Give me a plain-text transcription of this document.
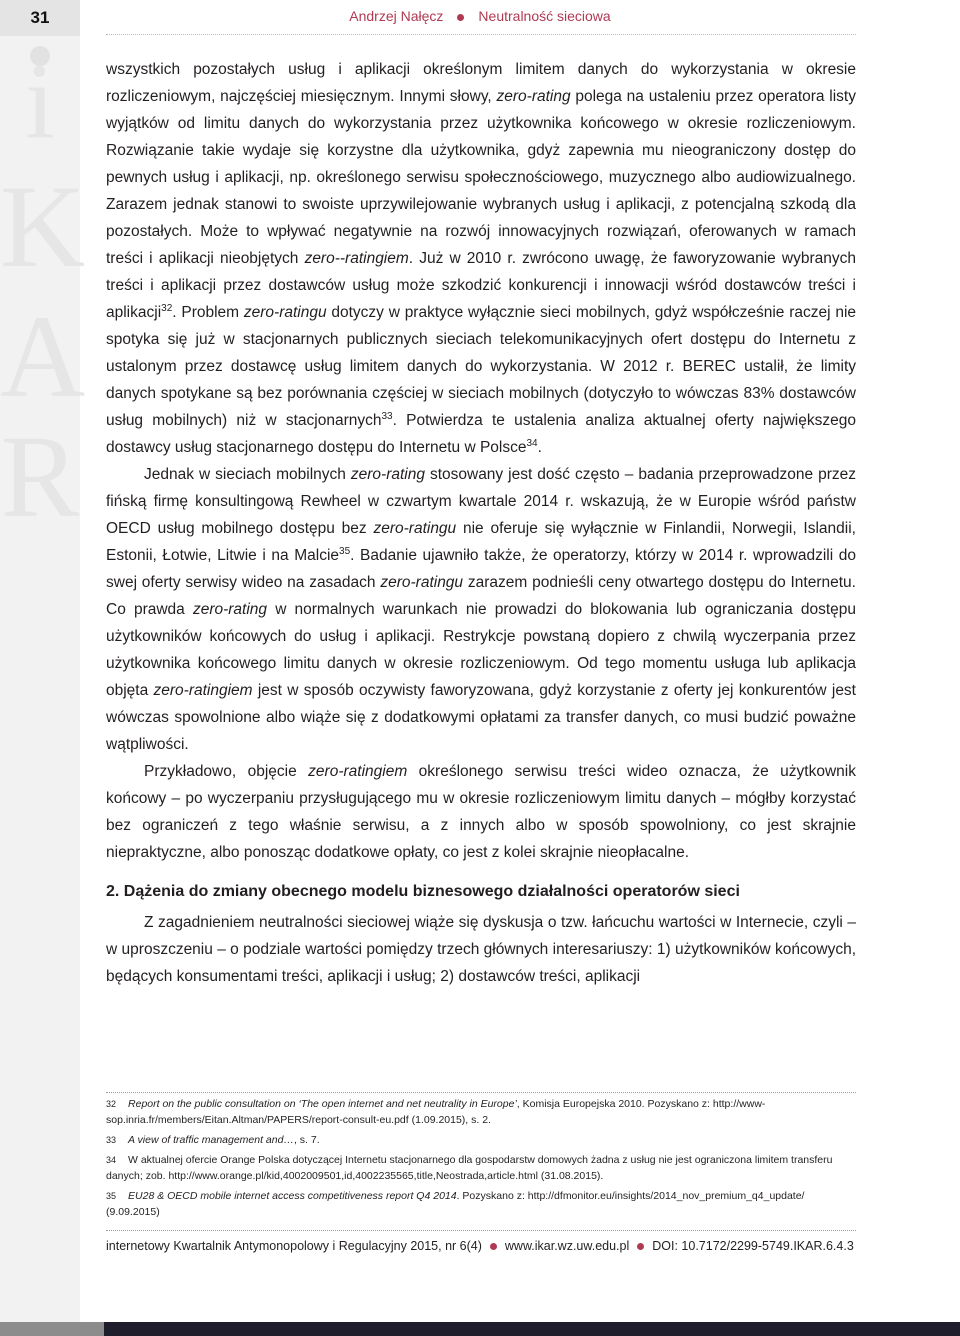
31
i
K
A
R
Andrzej Nałęcz	Neutralność sieciowa

wszystkich pozostałych usług i aplikacji określonym limitem danych do wykorzystania w okresie rozliczeniowym, najczęściej miesięcznym. Innymi słowy, zero-rating polega na ustaleniu przez operatora listy wyjątków od limitu danych do wykorzystania przez użytkownika końcowego w okresie rozliczeniowym. Rozwiązanie takie wydaje się korzystne dla użytkownika, gdyż zapewnia mu nieograniczony dostęp do pewnych usług i aplikacji, np. określonego serwisu społecznościowego, muzycznego albo audiowizualnego. Zarazem jednak stanowi to swoiste uprzywilejowanie wybranych usług i aplikacji, z potencjalną szkodą dla pozostałych. Może to wpływać negatywnie na rozwój innowacyjnych rozwiązań, oferowanych w ramach treści i aplikacji nieobjętych zero--ratingiem. Już w 2010 r. zwrócono uwagę, że faworyzowanie wybranych treści i aplikacji przez dostawców usług może szkodzić konkurencji i innowacji wśród dostawców treści i aplikacji$^{32}$. Problem zero-ratingu dotyczy w praktyce wyłącznie sieci mobilnych, gdyż współcześnie raczej nie spotyka się już w stacjonarnych publicznych sieciach telekomunikacyjnych ofert dostępu do Internetu z ustalonym przez dostawcę usług limitem danych do wykorzystania. W 2012 r. BEREC ustalił, że limity danych spotykane są bez porównania częściej w sieciach mobilnych (dotyczyło to wówczas 83% dostawców usług mobilnych) niż w stacjonarnych$^{33}$. Potwierdza te ustalenia analiza aktualnej oferty największego dostawcy usług stacjonarnego dostępu do Internetu w Polsce$^{34}$.

Jednak w sieciach mobilnych zero-rating stosowany jest dość często – badania przeprowadzone przez fińską firmę konsultingową Rewheel w czwartym kwartale 2014 r. wskazują, że w Europie wśród państw OECD usług mobilnego dostępu bez zero-ratingu nie oferuje się wyłącznie w Finlandii, Norwegii, Islandii, Estonii, Łotwie, Litwie i na Malcie$^{35}$. Badanie ujawniło także, że operatorzy, którzy w 2014 r. wprowadzili do swej oferty serwisy wideo na zasadach zero-ratingu zarazem podnieśli ceny otwartego dostępu do Internetu. Co prawda zero-rating w normalnych warunkach nie prowadzi do blokowania lub ograniczania dostępu użytkowników końcowych do usług i aplikacji. Restrykcje powstaną dopiero z chwilą wyczerpania przez użytkownika końcowego limitu danych w okresie rozliczeniowym. Od tego momentu usługa lub aplikacja objęta zero-ratingiem jest w sposób oczywisty faworyzowana, gdyż korzystanie z oferty jej konkurentów jest wówczas spowolnione albo wiąże się z dodatkowymi opłatami za transfer danych, co musi budzić poważne wątpliwości.

Przykładowo, objęcie zero-ratingiem określonego serwisu treści wideo oznacza, że użytkownik końcowy – po wyczerpaniu przysługującego mu w okresie rozliczeniowym limitu danych – mógłby korzystać bez ograniczeń z tego właśnie serwisu, a z innych albo w sposób spowolniony, co jest skrajnie niepraktyczne, albo ponosząc dodatkowe opłaty, co jest z kolei skrajnie nieopłacalne.

2. Dążenia do zmiany obecnego modelu biznesowego działalności operatorów sieci

Z zagadnieniem neutralności sieciowej wiąże się dyskusja o tzw. łańcuchu wartości w Internecie, czyli – w uproszczeniu – o podziale wartości pomiędzy trzech głównych interesariuszy: 1) użytkowników końcowych, będących konsumentami treści, aplikacji i usług; 2) dostawców treści, aplikacji

32 Report on the public consultation on ‘The open internet and net neutrality in Europe’, Komisja Europejska 2010. Pozyskano z: http://www-sop.inria.fr/members/Eitan.Altman/PAPERS/report-consult-eu.pdf (1.09.2015), s. 2.
33 A view of traffic management and…, s. 7.
34 W aktualnej ofercie Orange Polska dotyczącej Internetu stacjonarnego dla gospodarstw domowych żadna z usług nie jest ograniczona limitem transferu danych; zob. http://www.orange.pl/kid,4002009501,id,4002235565,title,Neostrada,article.html (31.08.2015).
35 EU28 & OECD mobile internet access competitiveness report Q4 2014. Pozyskano z: http://dfmonitor.eu/insights/2014_nov_premium_q4_update/ (9.09.2015)
internetowy Kwartalnik Antymonopolowy i Regulacyjny 2015, nr 6(4) www.ikar.wz.uw.edu.pl DOI: 10.7172/2299-5749.IKAR.6.4.3
